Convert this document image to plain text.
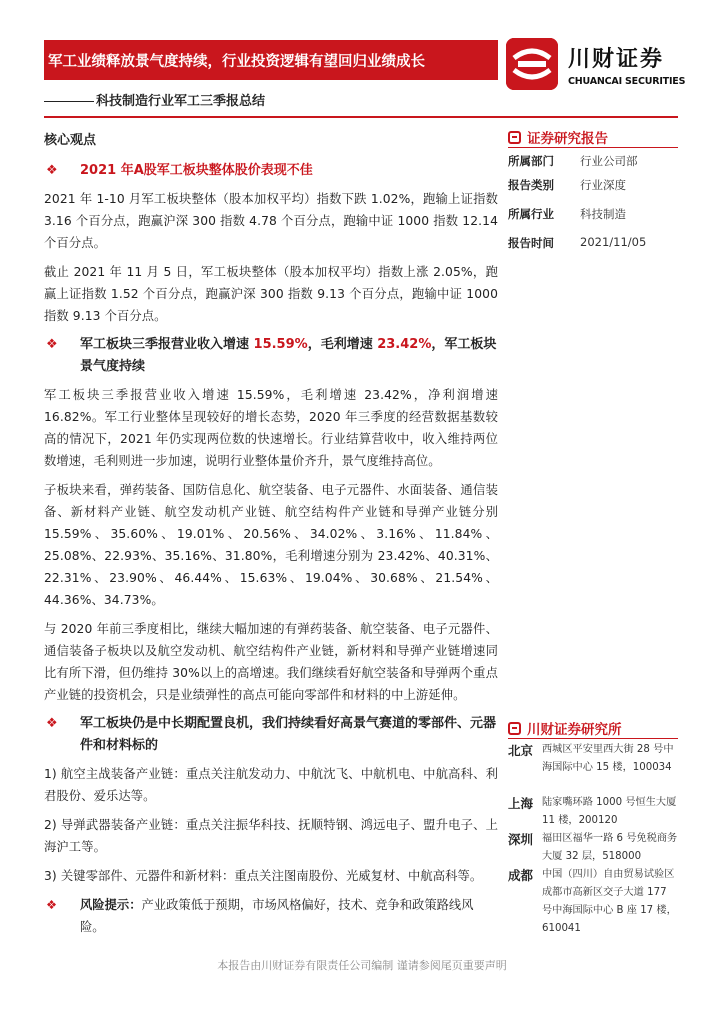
军工业绩释放景气度持续，行业投资逻辑有望回归业绩成长
科技制造行业军工三季报总结
川财证券
CHUANCAI SECURITIES
核心观点
❖ 2021 年A股军工板块整体股价表现不佳

2021 年 1-10 月军工板块整体（股本加权平均）指数下跌 1.02%，跑输上证指数 3.16 个百分点，跑赢沪深 300 指数 4.78 个百分点，跑输中证 1000 指数 12.14 个百分点。

截止 2021 年 11 月 5 日，军工板块整体（股本加权平均）指数上涨 2.05%，跑赢上证指数 1.52 个百分点，跑赢沪深 300 指数 9.13 个百分点，跑输中证 1000 指数 9.13 个百分点。

❖ 军工板块三季报营业收入增速 15.59%，毛利增速 23.42%，军工板块景气度持续

军工板块三季报营业收入增速 15.59%，毛利增速 23.42%，净利润增速 16.82%。军工行业整体呈现较好的增长态势，2020 年三季度的经营数据基数较高的情况下，2021 年仍实现两位数的快速增长。行业结算营收中，收入维持两位数增速，毛利则进一步加速，说明行业整体量价齐升，景气度维持高位。

子板块来看，弹药装备、国防信息化、航空装备、电子元器件、水面装备、通信装备、新材料产业链、航空发动机产业链、航空结构件产业链和导弹产业链分别 15.59%、35.60%、19.01%、20.56%、34.02%、3.16%、11.84%、25.08%、22.93%、35.16%、31.80%，毛利增速分别为 23.42%、40.31%、22.31%、23.90%、46.44%、15.63%、19.04%、30.68%、21.54%、44.36%、34.73%。

与 2020 年前三季度相比，继续大幅加速的有弹药装备、航空装备、电子元器件、通信装备子板块以及航空发动机、航空结构件产业链，新材料和导弹产业链增速同比有所下滑，但仍维持 30%以上的高增速。我们继续看好航空装备和导弹两个重点产业链的投资机会，只是业绩弹性的高点可能向零部件和材料的中上游延伸。

❖ 军工板块仍是中长期配置良机，我们持续看好高景气赛道的零部件、元器件和材料标的

1) 航空主战装备产业链：重点关注航发动力、中航沈飞、中航机电、中航高科、利君股份、爱乐达等。

2) 导弹武器装备产业链：重点关注振华科技、抚顺特钢、鸿远电子、盟升电子、上海沪工等。

3) 关键零部件、元器件和新材料：重点关注图南股份、光威复材、中航高科等。

❖ 风险提示：产业政策低于预期，市场风格偏好，技术、竞争和政策路线风险。
证券研究报告
所属部门	行业公司部
报告类别	行业深度
所属行业	科技制造
报告时间	2021/11/05
川财证券研究所
北京 西城区平安里西大街 28 号中海国际中心 15 楼，100034
上海 陆家嘴环路 1000 号恒生大厦 11 楼，200120
深圳 福田区福华一路 6 号免税商务大厦 32 层，518000
成都 中国（四川）自由贸易试验区成都市高新区交子大道 177 号中海国际中心 B 座 17 楼，610041
本报告由川财证券有限责任公司编制 谨请参阅尾页重要声明
